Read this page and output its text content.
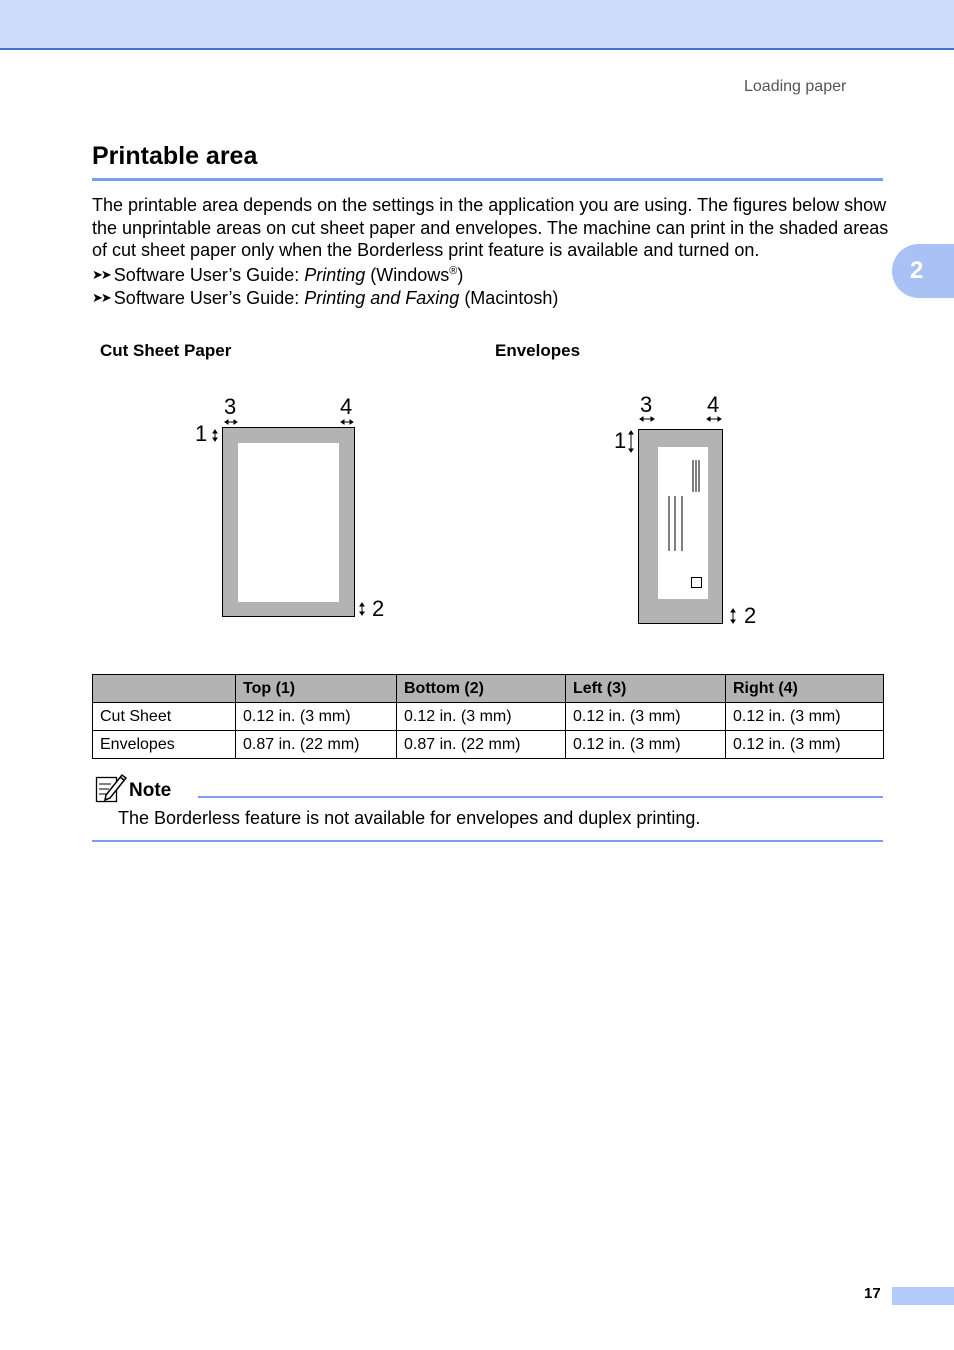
Loading paper
2
Printable area

The printable area depends on the settings in the application you are using. The figures below show the unprintable areas on cut sheet paper and envelopes. The machine can print in the shaded areas of cut sheet paper only when the Borderless print feature is available and turned on.

➤➤ Software User’s Guide: Printing (Windows®)
➤➤ Software User’s Guide: Printing and Faxing (Macintosh)
Cut Sheet Paper
3	4
1
2
Envelopes
3 4
1
2
	Top (1)	Bottom (2)	Left (3)	Right (4)
Cut Sheet	0.12 in. (3 mm)	0.12 in. (3 mm)	0.12 in. (3 mm)	0.12 in. (3 mm)
Envelopes	0.87 in. (22 mm)	0.87 in. (22 mm)	0.12 in. (3 mm)	0.12 in. (3 mm)
Note
The Borderless feature is not available for envelopes and duplex printing.
17
